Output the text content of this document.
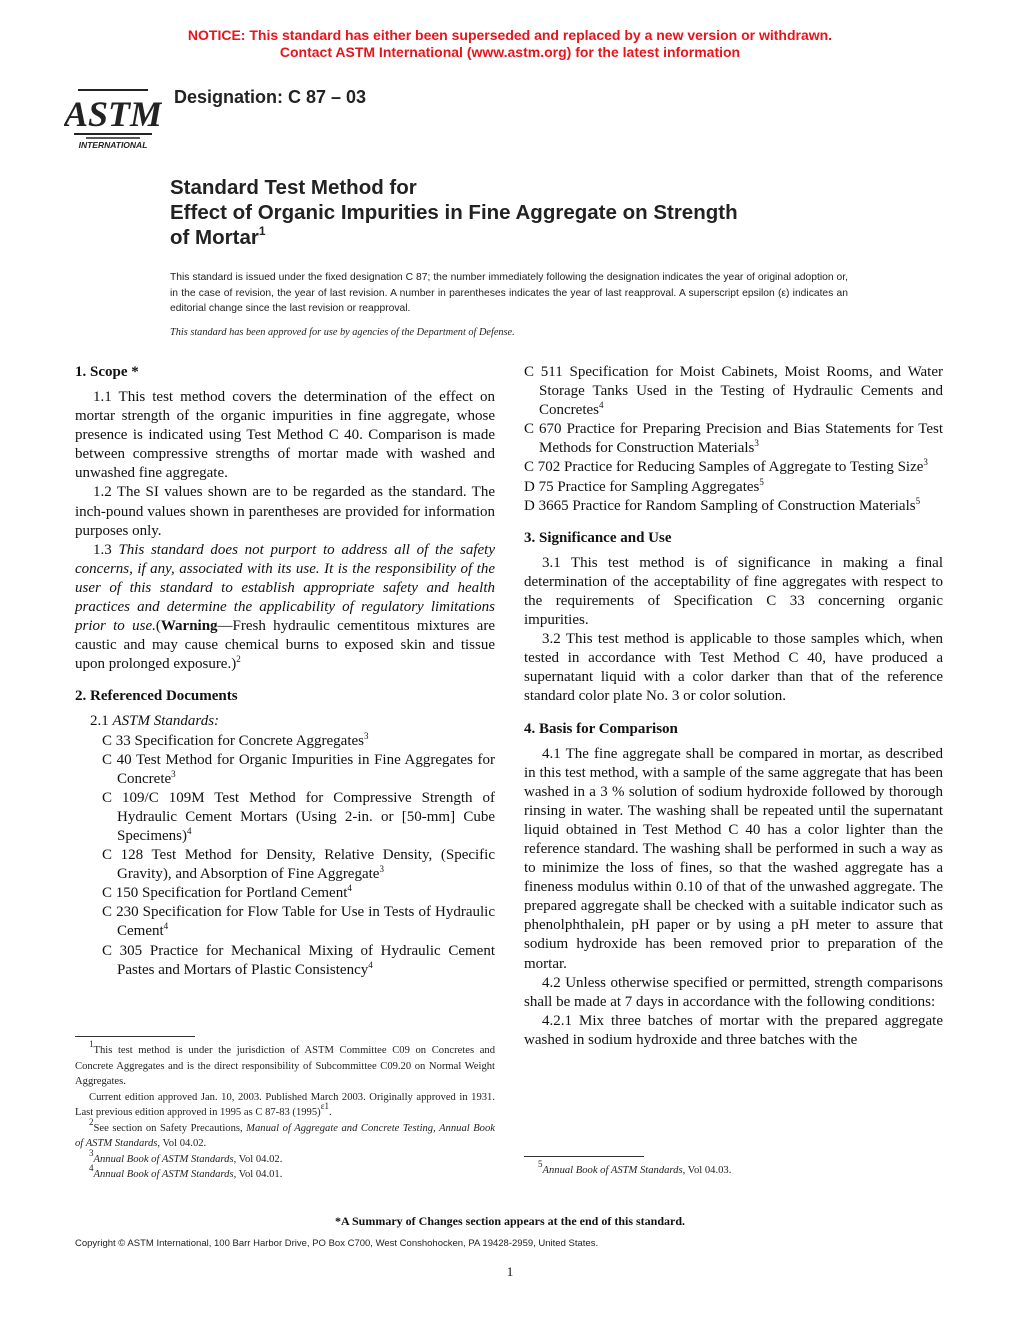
NOTICE: This standard has either been superseded and replaced by a new version or withdrawn.
Contact ASTM International (www.astm.org) for the latest information
ASTM
INTERNATIONAL
Designation: C 87 – 03
Standard Test Method for
Effect of Organic Impurities in Fine Aggregate on Strength
of Mortar$^1$
This standard is issued under the fixed designation C 87; the number immediately following the designation indicates the year of original adoption or, in the case of revision, the year of last revision. A number in parentheses indicates the year of last reapproval. A superscript epsilon (ε) indicates an editorial change since the last revision or reapproval.
This standard has been approved for use by agencies of the Department of Defense.
1. Scope *

1.1 This test method covers the determination of the effect on mortar strength of the organic impurities in fine aggregate, whose presence is indicated using Test Method C 40. Comparison is made between compressive strengths of mortar made with washed and unwashed fine aggregate.

1.2 The SI values shown are to be regarded as the standard. The inch-pound values shown in parentheses are provided for information purposes only.

1.3 This standard does not purport to address all of the safety concerns, if any, associated with its use. It is the responsibility of the user of this standard to establish appropriate safety and health practices and determine the applicability of regulatory limitations prior to use.(Warning—Fresh hydraulic cementitous mixtures are caustic and may cause chemical burns to exposed skin and tissue upon prolonged exposure.)$^2$

2. Referenced Documents

2.1 ASTM Standards:

C 33 Specification for Concrete Aggregates$^3$
C 40 Test Method for Organic Impurities in Fine Aggregates for Concrete$^3$
C 109/C 109M Test Method for Compressive Strength of Hydraulic Cement Mortars (Using 2-in. or [50-mm] Cube Specimens)$^4$
C 128 Test Method for Density, Relative Density, (Specific Gravity), and Absorption of Fine Aggregate$^3$
C 150 Specification for Portland Cement$^4$
C 230 Specification for Flow Table for Use in Tests of Hydraulic Cement$^4$
C 305 Practice for Mechanical Mixing of Hydraulic Cement Pastes and Mortars of Plastic Consistency$^4$
C 511 Specification for Moist Cabinets, Moist Rooms, and Water Storage Tanks Used in the Testing of Hydraulic Cements and Concretes$^4$
C 670 Practice for Preparing Precision and Bias Statements for Test Methods for Construction Materials$^3$
C 702 Practice for Reducing Samples of Aggregate to Testing Size$^3$
D 75 Practice for Sampling Aggregates$^5$
D 3665 Practice for Random Sampling of Construction Materials$^5$
3. Significance and Use

3.1 This test method is of significance in making a final determination of the acceptability of fine aggregates with respect to the requirements of Specification C 33 concerning organic impurities.

3.2 This test method is applicable to those samples which, when tested in accordance with Test Method C 40, have produced a supernatant liquid with a color darker than that of the reference standard color plate No. 3 or color solution.

4. Basis for Comparison

4.1 The fine aggregate shall be compared in mortar, as described in this test method, with a sample of the same aggregate that has been washed in a 3 % solution of sodium hydroxide followed by thorough rinsing in water. The washing shall be repeated until the supernatant liquid obtained in Test Method C 40 has a color lighter than the reference standard. The washing shall be performed in such a way as to minimize the loss of fines, so that the washed aggregate has a fineness modulus within 0.10 of that of the unwashed aggregate. The prepared aggregate shall be checked with a suitable indicator such as phenolphthalein, pH paper or by using a pH meter to assure that sodium hydroxide has been removed prior to preparation of the mortar.

4.2 Unless otherwise specified or permitted, strength comparisons shall be made at 7 days in accordance with the following conditions:

4.2.1 Mix three batches of mortar with the prepared aggregate washed in sodium hydroxide and three batches with the

$^1$This test method is under the jurisdiction of ASTM Committee C09 on Concretes and Concrete Aggregates and is the direct responsibility of Subcommittee C09.20 on Normal Weight Aggregates.

Current edition approved Jan. 10, 2003. Published March 2003. Originally approved in 1931. Last previous edition approved in 1995 as C 87-83 (1995)$^{\varepsilon 1}$.

$^2$See section on Safety Precautions, Manual of Aggregate and Concrete Testing, Annual Book of ASTM Standards, Vol 04.02.

$^3$Annual Book of ASTM Standards, Vol 04.02.

$^4$Annual Book of ASTM Standards, Vol 04.01.

$^5$Annual Book of ASTM Standards, Vol 04.03.

*A Summary of Changes section appears at the end of this standard.
Copyright © ASTM International, 100 Barr Harbor Drive, PO Box C700, West Conshohocken, PA 19428-2959, United States.
1
